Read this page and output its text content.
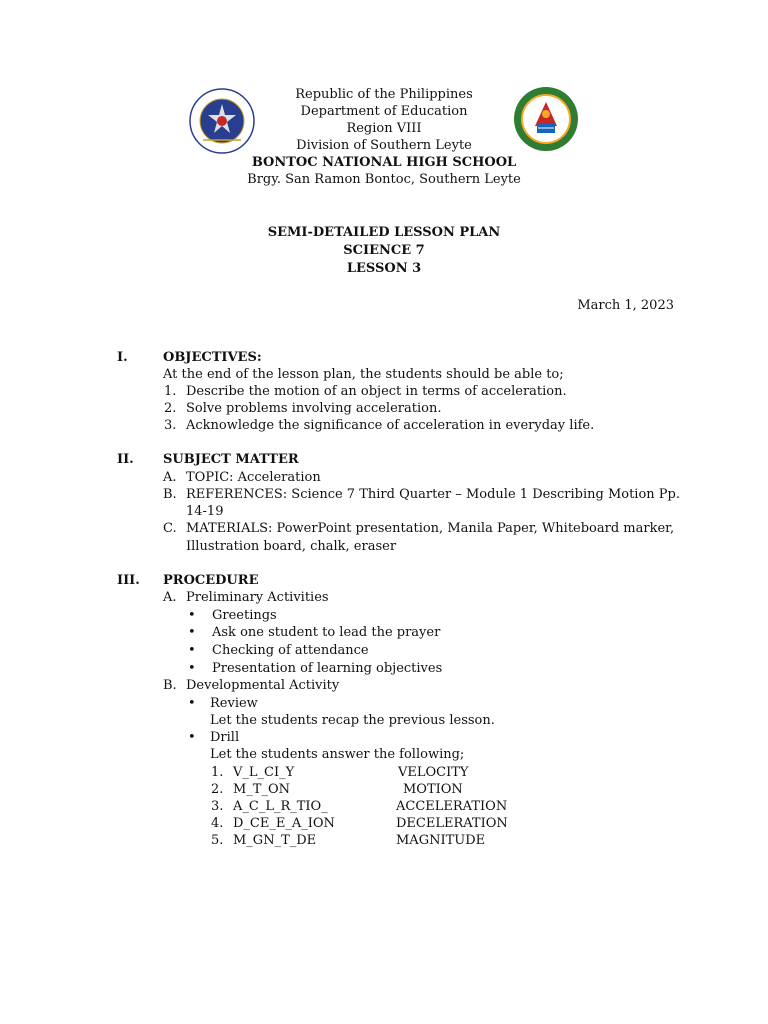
Republic of the Philippines
Department of Education
Region VIII
Division of Southern Leyte
BONTOC NATIONAL HIGH SCHOOL
Brgy. San Ramon Bontoc, Southern Leyte
SEMI-DETAILED LESSON PLAN
SCIENCE 7
LESSON 3
March 1, 2023
I.	OBJECTIVES:
At the end of the lesson plan, the students should be able to;
1. Describe the motion of an object in terms of acceleration.
2. Solve problems involving acceleration.
3. Acknowledge the significance of acceleration in everyday life.
II. SUBJECT MATTER
A. TOPIC: Acceleration
B. REFERENCES: Science 7 Third Quarter – Module 1 Describing Motion Pp.
14-19
C. MATERIALS: PowerPoint presentation, Manila Paper, Whiteboard marker,
Illustration board, chalk, eraser
III. PROCEDURE
A. Preliminary Activities
• Greetings
• Ask one student to lead the prayer
• Checking of attendance
• Presentation of learning objectives
B. Developmental Activity
• Review
Let the students recap the previous lesson.
• Drill
Let the students answer the following;
1. V_L_CI_Y	VELOCITY
2. M_T_ON	MOTION
3. A_C_L_R_TIO_	ACCELERATION
4. D_CE_E_A_ION	DECELERATION
5. M_GN_T_DE	MAGNITUDE
